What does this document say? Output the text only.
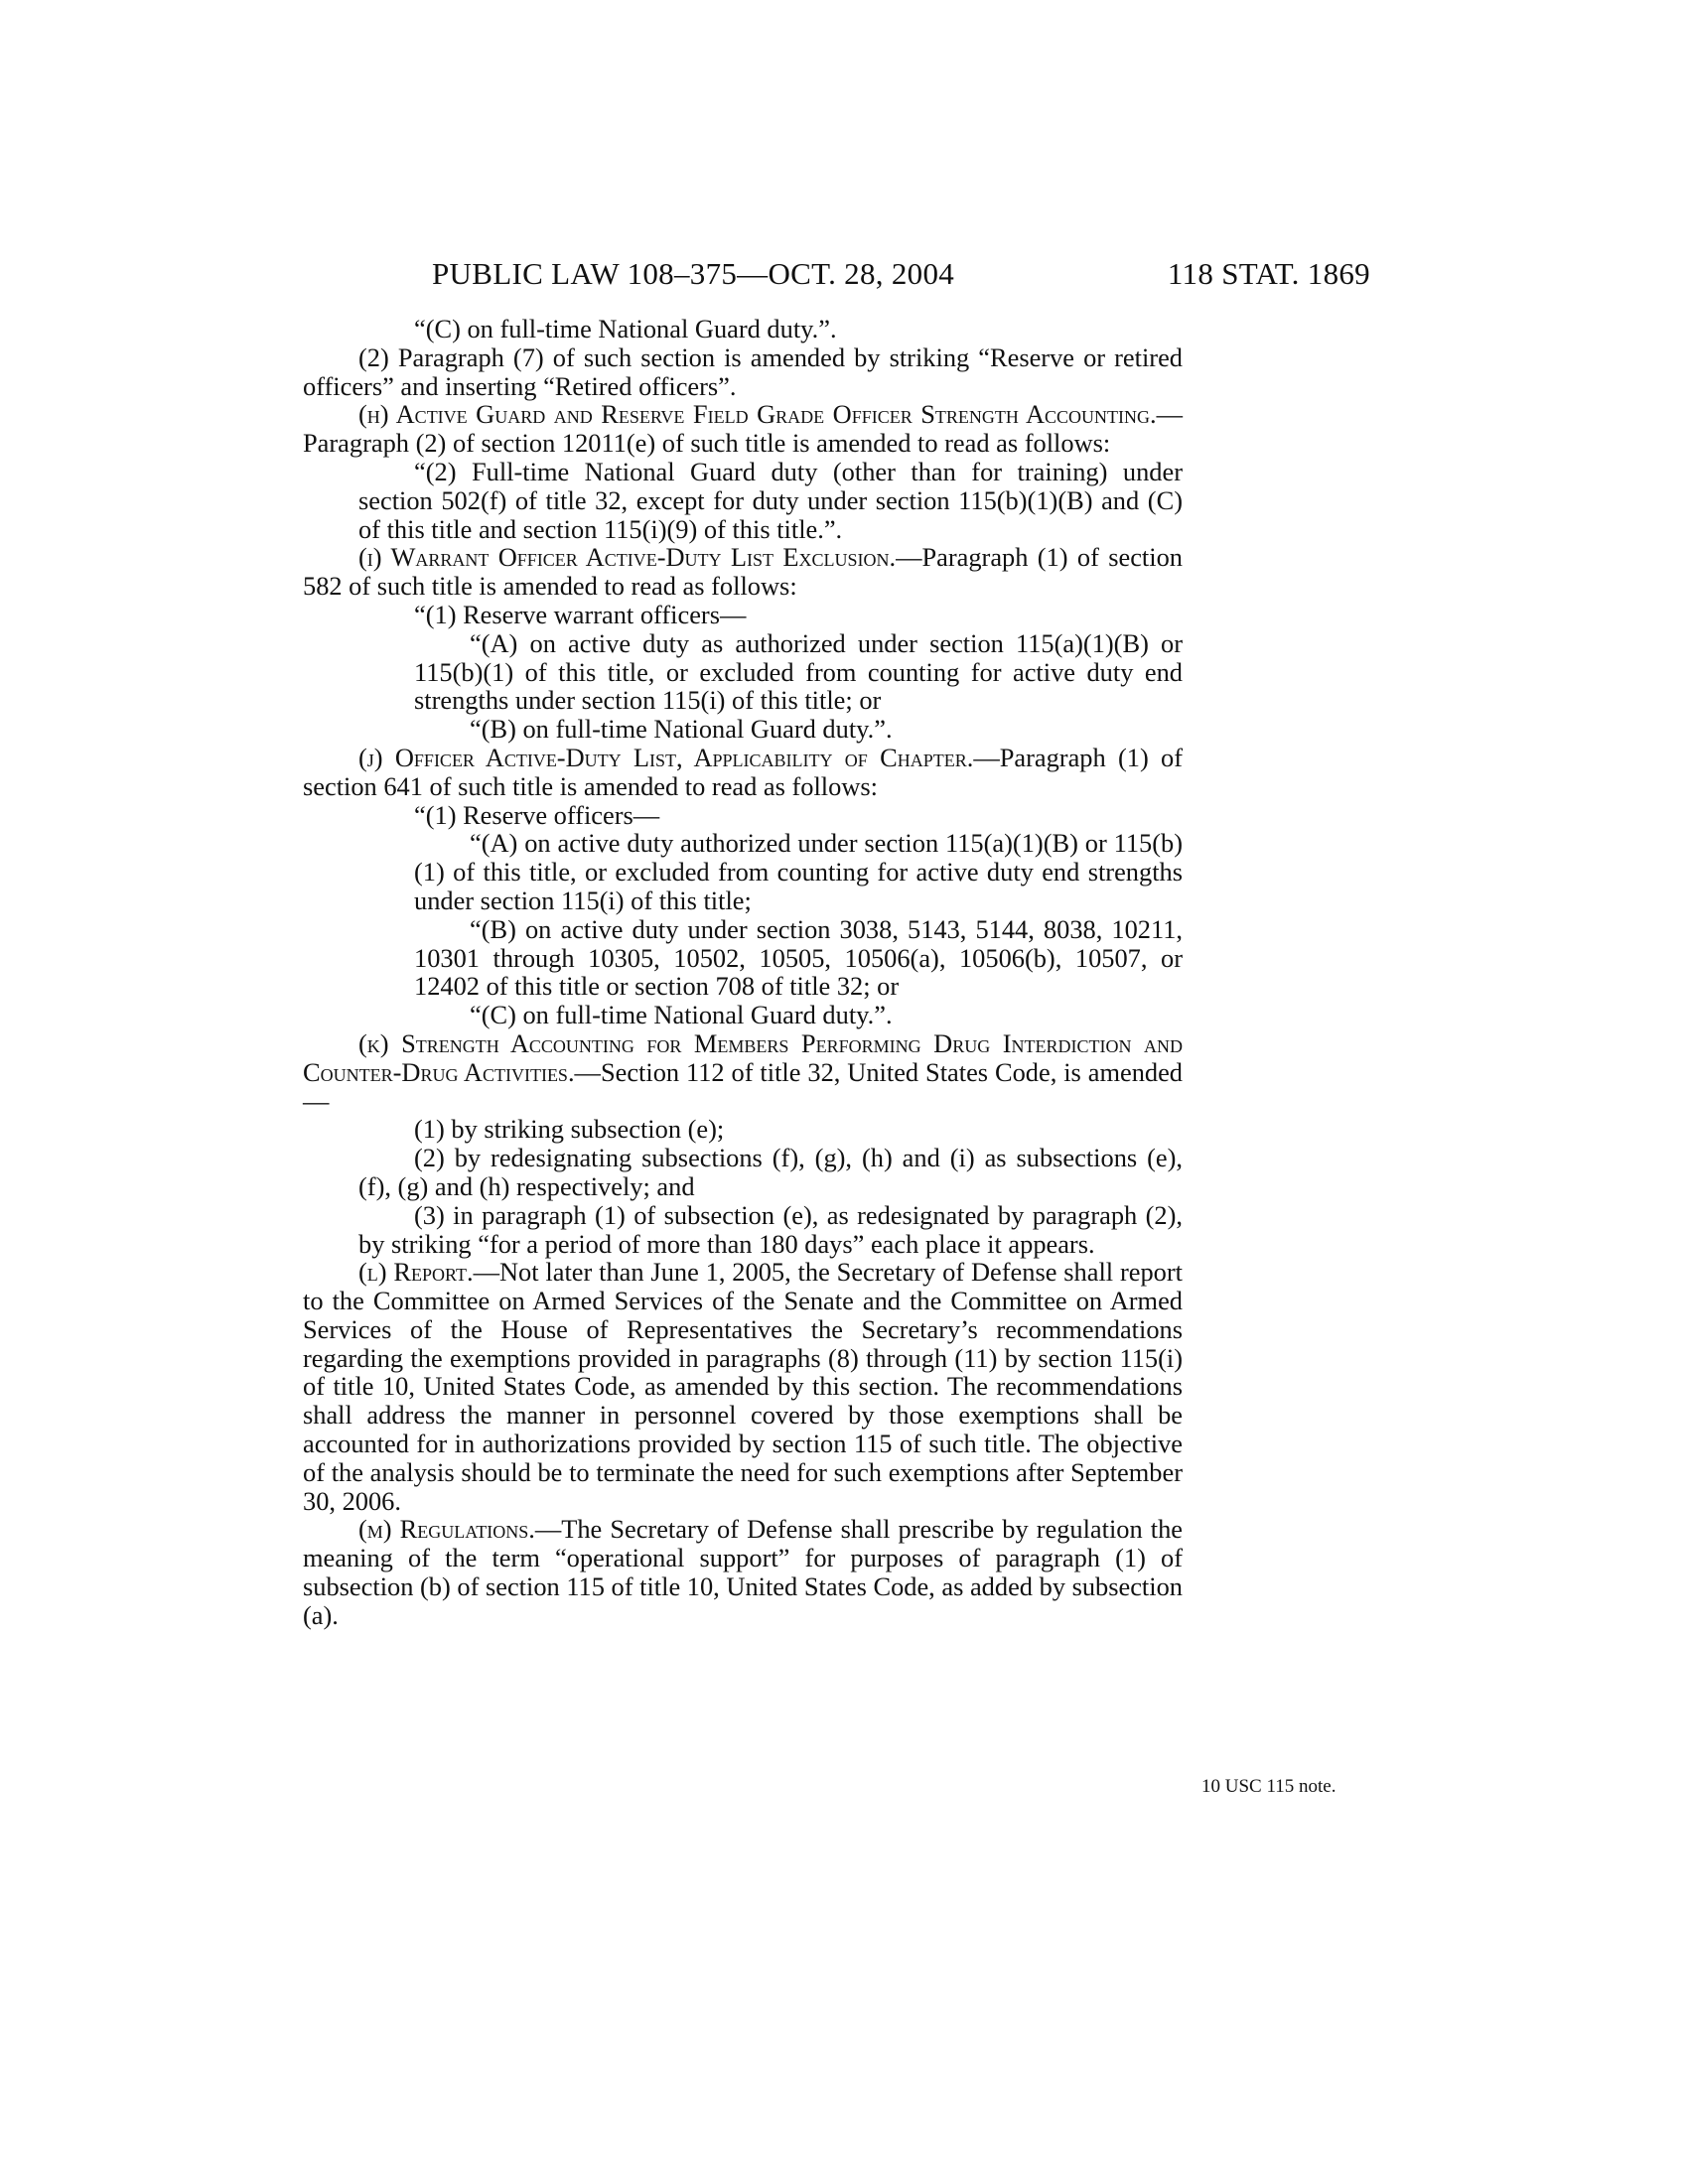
PUBLIC LAW 108–375—OCT. 28, 2004	118 STAT. 1869

“(C) on full-time National Guard duty.”.

(2) Paragraph (7) of such section is amended by striking “Reserve or retired officers” and inserting “Retired officers”.

(h) Active Guard and Reserve Field Grade Officer Strength Accounting.—Paragraph (2) of section 12011(e) of such title is amended to read as follows:

“(2) Full-time National Guard duty (other than for training) under section 502(f) of title 32, except for duty under section 115(b)(1)(B) and (C) of this title and section 115(i)(9) of this title.”.

(i) Warrant Officer Active-Duty List Exclusion.—Paragraph (1) of section 582 of such title is amended to read as follows:

“(1) Reserve warrant officers—

“(A) on active duty as authorized under section 115(a)(1)(B) or 115(b)(1) of this title, or excluded from counting for active duty end strengths under section 115(i) of this title; or

“(B) on full-time National Guard duty.”.

(j) Officer Active-Duty List, Applicability of Chapter.—Paragraph (1) of section 641 of such title is amended to read as follows:

“(1) Reserve officers—

“(A) on active duty authorized under section 115(a)(1)(B) or 115(b)(1) of this title, or excluded from counting for active duty end strengths under section 115(i) of this title;

“(B) on active duty under section 3038, 5143, 5144, 8038, 10211, 10301 through 10305, 10502, 10505, 10506(a), 10506(b), 10507, or 12402 of this title or section 708 of title 32; or

“(C) on full-time National Guard duty.”.

(k) Strength Accounting for Members Performing Drug Interdiction and Counter-Drug Activities.—Section 112 of title 32, United States Code, is amended—

(1) by striking subsection (e);

(2) by redesignating subsections (f), (g), (h) and (i) as subsections (e), (f), (g) and (h) respectively; and

(3) in paragraph (1) of subsection (e), as redesignated by paragraph (2), by striking “for a period of more than 180 days” each place it appears.

(l) Report.—Not later than June 1, 2005, the Secretary of Defense shall report to the Committee on Armed Services of the Senate and the Committee on Armed Services of the House of Representatives the Secretary’s recommendations regarding the exemptions provided in paragraphs (8) through (11) by section 115(i) of title 10, United States Code, as amended by this section. The recommendations shall address the manner in personnel covered by those exemptions shall be accounted for in authorizations provided by section 115 of such title. The objective of the analysis should be to terminate the need for such exemptions after September 30, 2006.

(m) Regulations.—The Secretary of Defense shall prescribe by regulation the meaning of the term “operational support” for purposes of paragraph (1) of subsection (b) of section 115 of title 10, United States Code, as added by subsection (a).

10 USC 115 note.
